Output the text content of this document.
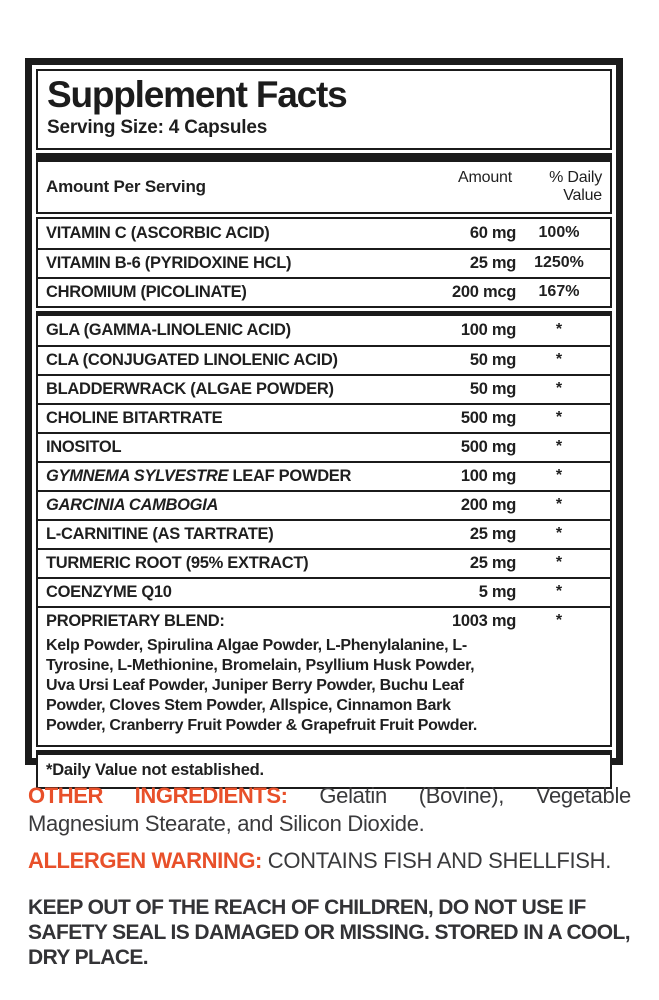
Supplement Facts
Serving Size: 4 Capsules
Amount Per Serving	Amount	% Daily
Value
VITAMIN C (ASCORBIC ACID)	60 mg	100%
VITAMIN B-6 (PYRIDOXINE HCL)	25 mg	1250%
CHROMIUM (PICOLINATE)	200 mcg	167%
GLA (GAMMA-LINOLENIC ACID)	100 mg	*
CLA (CONJUGATED LINOLENIC ACID)	50 mg	*
BLADDERWRACK (ALGAE POWDER)	50 mg	*
CHOLINE BITARTRATE	500 mg	*
INOSITOL	500 mg	*
GYMNEMA SYLVESTRE LEAF POWDER	100 mg	*
GARCINIA CAMBOGIA	200 mg	*
L-CARNITINE (AS TARTRATE)	25 mg	*
TURMERIC ROOT (95% EXTRACT)	25 mg	*
COENZYME Q10	5 mg	*
PROPRIETARY BLEND:	1003 mg	*
Kelp Powder, Spirulina Algae Powder, L-Phenylalanine, L-Tyrosine, L-Methionine, Bromelain, Psyllium Husk Powder, Uva Ursi Leaf Powder, Juniper Berry Powder, Buchu Leaf Powder, Cloves Stem Powder, Allspice, Cinnamon Bark Powder, Cranberry Fruit Powder & Grapefruit Fruit Powder.
*Daily Value not established.

OTHER INGREDIENTS: Gelatin (Bovine), Vegetable Magnesium Stearate, and Silicon Dioxide.

ALLERGEN WARNING: CONTAINS FISH AND SHELLFISH.

KEEP OUT OF THE REACH OF CHILDREN, DO NOT USE IF SAFETY SEAL IS DAMAGED OR MISSING. STORED IN A COOL, DRY PLACE.
